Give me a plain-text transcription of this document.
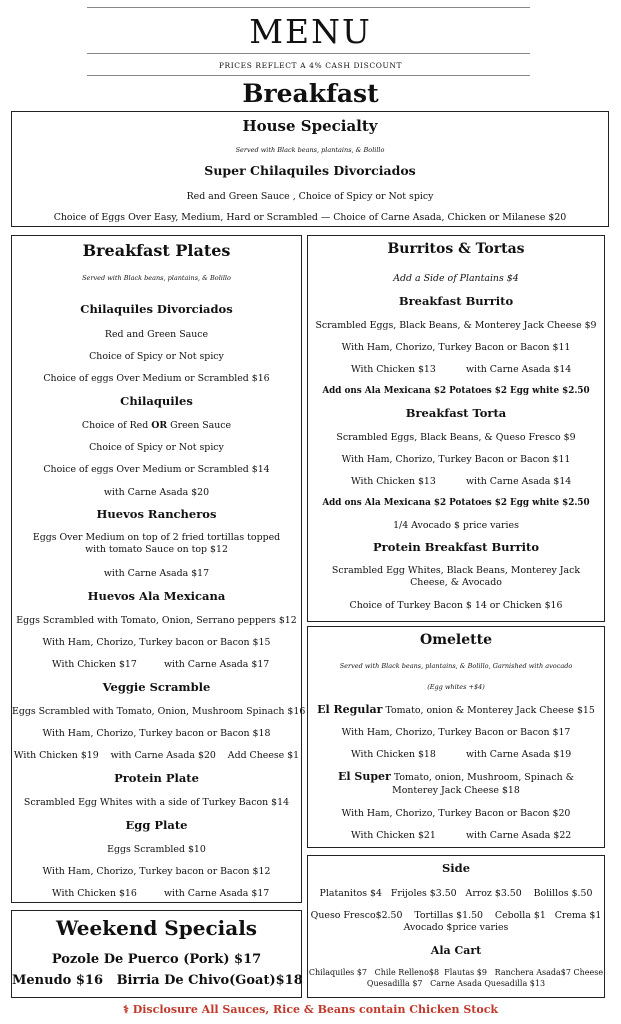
MENU
PRICES REFLECT A 4% CASH DISCOUNT
Breakfast
House Specialty
Served with Black beans, plantains, & Bolillo
Super Chilaquiles Divorciados
Red and Green Sauce , Choice of Spicy or Not spicy
Choice of Eggs Over Easy, Medium, Hard or Scrambled — Choice of Carne Asada, Chicken or Milanese $20
Breakfast Plates
Served with Black beans, plantains, & Bolillo
Chilaquiles Divorciados
Red and Green Sauce
Choice of Spicy or Not spicy
Choice of eggs Over Medium or Scrambled $16
Chilaquiles
Choice of Red OR Green Sauce
Choice of Spicy or Not spicy
Choice of eggs Over Medium or Scrambled $14
with Carne Asada $20
Huevos Rancheros
Eggs Over Medium on top of 2 fried tortillas topped with tomato Sauce on top $12
with Carne Asada $17
Huevos Ala Mexicana
Eggs Scrambled with Tomato, Onion, Serrano peppers $12
With Ham, Chorizo, Turkey bacon or Bacon $15
With Chicken $17	with Carne Asada $17
Veggie Scramble
Eggs Scrambled with Tomato, Onion, Mushroom Spinach $16
With Ham, Chorizo, Turkey bacon or Bacon $18
With Chicken $19    with Carne Asada $20    Add Cheese $1
Protein Plate
Scrambled Egg Whites with a side of Turkey Bacon $14
Egg Plate
Eggs Scrambled $10
With Ham, Chorizo, Turkey bacon or Bacon $12
With Chicken $16	with Carne Asada $17
Burritos & Tortas
Add a Side of Plantains $4
Breakfast Burrito
Scrambled Eggs, Black Beans, & Monterey Jack Cheese $9
With Ham, Chorizo, Turkey Bacon or Bacon $11
With Chicken $13	with Carne Asada $14
Add ons Ala Mexicana $2 Potatoes $2 Egg white $2.50
Breakfast Torta
Scrambled Eggs, Black Beans, & Queso Fresco $9
With Ham, Chorizo, Turkey Bacon or Bacon $11
With Chicken $13	with Carne Asada $14
Add ons Ala Mexicana $2 Potatoes $2 Egg white $2.50
1/4 Avocado $ price varies
Protein Breakfast Burrito
Scrambled Egg Whites, Black Beans, Monterey Jack Cheese, & Avocado
Choice of Turkey Bacon $ 14 or Chicken $16
Omelette
Served with Black beans, plantains, & Bolillo, Garnished with avocado
(Egg whites +$4)
El Regular Tomato, onion & Monterey Jack Cheese $15
With Ham, Chorizo, Turkey Bacon or Bacon $17
With Chicken $18	with Carne Asada $19
El Super Tomato, onion, Mushroom, Spinach & Monterey Jack Cheese $18
With Ham, Chorizo, Turkey Bacon or Bacon $20
With Chicken $21	with Carne Asada $22
Side
Platanitos $4   Frijoles $3.50   Arroz $3.50    Bolillos $.50
Queso Fresco$2.50    Tortillas $1.50    Cebolla $1   Crema $1
Avocado $price varies
Ala Cart
Chilaquiles $7   Chile Relleno$8  Flautas $9   Ranchera Asada$7 Cheese
Quesadilla $7   Carne Asada Quesadilla $13
Weekend Specials
Pozole De Puerco (Pork) $17
Menudo $16   Birria De Chivo(Goat)$18
⚕ Disclosure All Sauces, Rice & Beans contain Chicken Stock
